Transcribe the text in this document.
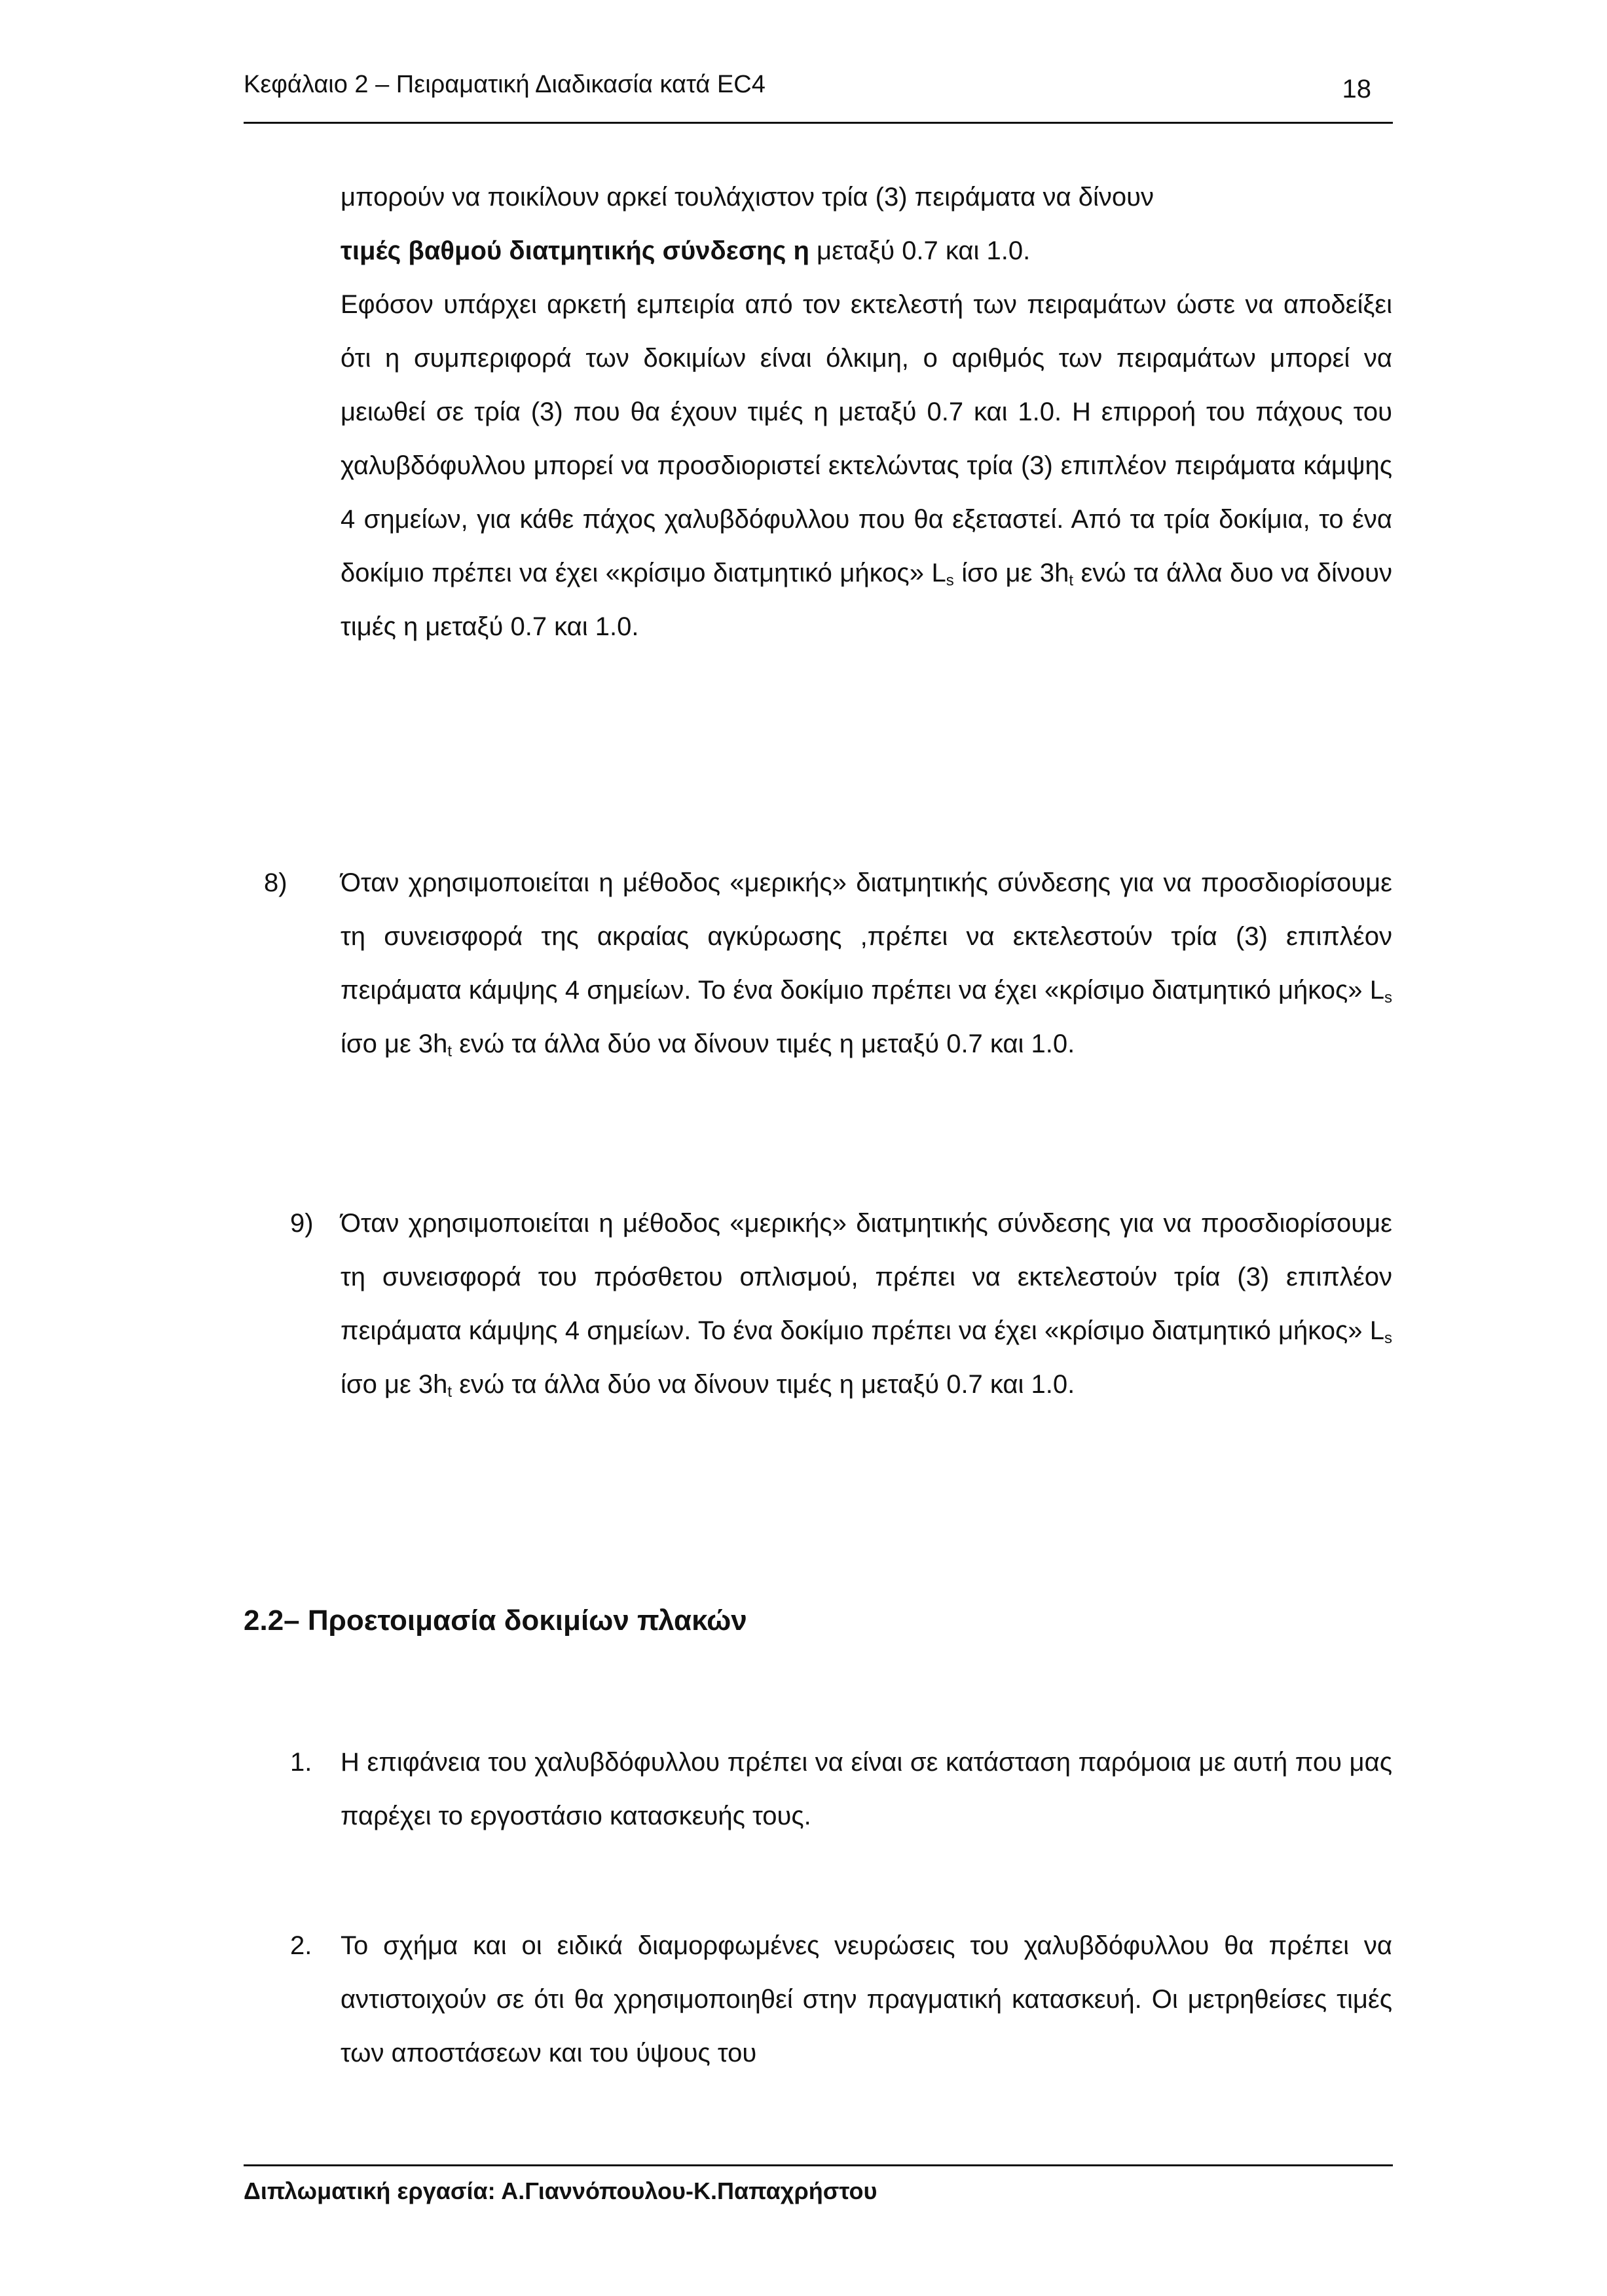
Κεφάλαιο 2 – Πειραματική Διαδικασία κατά EC4	18

μπορούν να ποικίλουν αρκεί τουλάχιστον τρία (3) πειράματα να δίνουν

τιμές βαθμού διατμητικής σύνδεσης η μεταξύ 0.7 και 1.0.

Εφόσον υπάρχει αρκετή εμπειρία από τον εκτελεστή των πειραμάτων ώστε να αποδείξει ότι η συμπεριφορά των δοκιμίων είναι όλκιμη, ο αριθμός των πειραμάτων μπορεί να μειωθεί σε τρία (3) που θα έχουν τιμές η μεταξύ 0.7 και 1.0. Η επιρροή του πάχους του χαλυβδόφυλλου μπορεί να προσδιοριστεί εκτελώντας τρία (3) επιπλέον πειράματα κάμψης 4 σημείων, για κάθε πάχος χαλυβδόφυλλου που θα εξεταστεί. Από τα τρία δοκίμια, το ένα δοκίμιο πρέπει να έχει «κρίσιμο διατμητικό μήκος» $L_s$ ίσο με $3h_t$ ενώ τα άλλα δυο να δίνουν τιμές η μεταξύ 0.7 και 1.0.

8) Όταν χρησιμοποιείται η μέθοδος «μερικής» διατμητικής σύνδεσης για να προσδιορίσουμε τη συνεισφορά της ακραίας αγκύρωσης ,πρέπει να εκτελεστούν τρία (3) επιπλέον πειράματα κάμψης 4 σημείων. Το ένα δοκίμιο πρέπει να έχει «κρίσιμο διατμητικό μήκος» $L_s$ ίσο με $3h_t$ ενώ τα άλλα δύο να δίνουν τιμές η μεταξύ 0.7 και 1.0.
9) Όταν χρησιμοποιείται η μέθοδος «μερικής» διατμητικής σύνδεσης για να προσδιορίσουμε τη συνεισφορά του πρόσθετου οπλισμού, πρέπει να εκτελεστούν τρία (3) επιπλέον πειράματα κάμψης 4 σημείων. Το ένα δοκίμιο πρέπει να έχει «κρίσιμο διατμητικό μήκος» $L_s$ ίσο με $3h_t$ ενώ τα άλλα δύο να δίνουν τιμές η μεταξύ 0.7 και 1.0.
2.2– Προετοιμασία δοκιμίων πλακών
1. Η επιφάνεια του χαλυβδόφυλλου πρέπει να είναι σε κατάσταση παρόμοια με αυτή που μας παρέχει το εργοστάσιο κατασκευής τους.
2. Το σχήμα και οι ειδικά διαμορφωμένες νευρώσεις του χαλυβδόφυλλου θα πρέπει να αντιστοιχούν σε ότι θα χρησιμοποιηθεί στην πραγματική κατασκευή. Οι μετρηθείσες τιμές των αποστάσεων και του ύψους του
Διπλωματική εργασία: Α.Γιαννόπουλου-Κ.Παπαχρήστου
